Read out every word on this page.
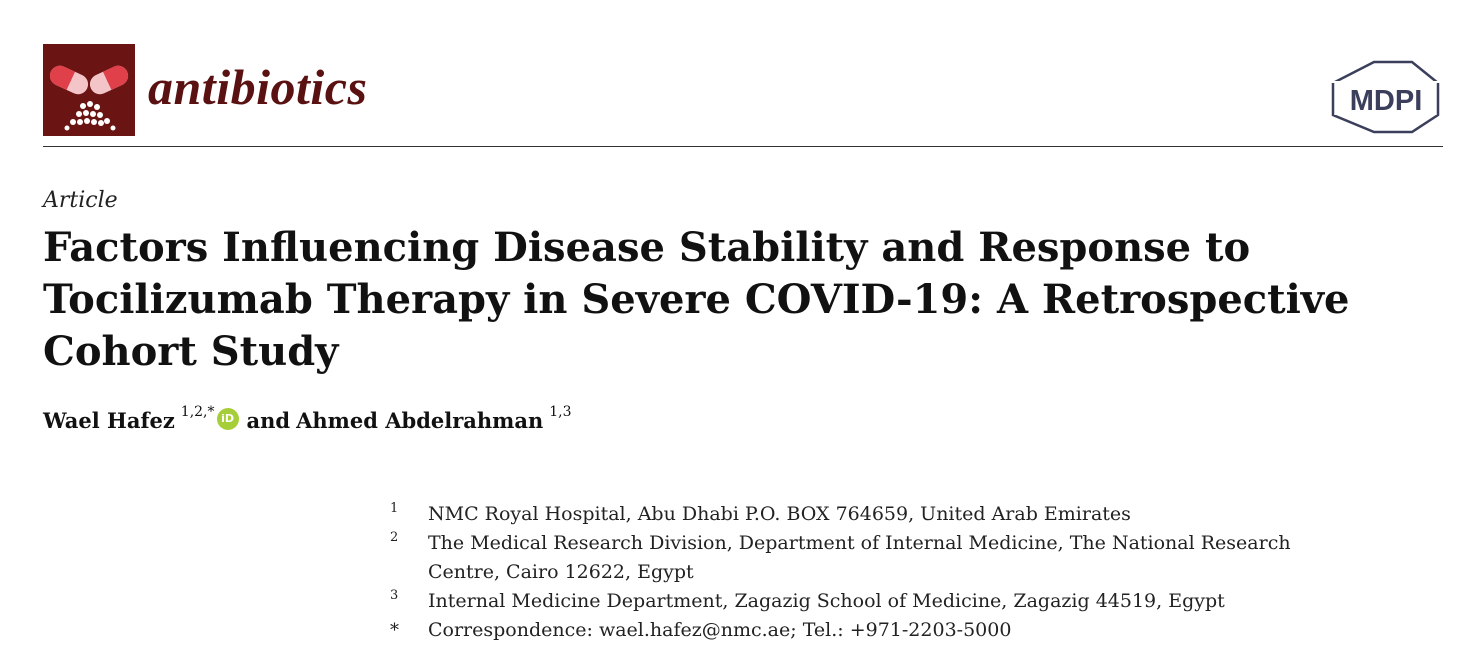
antibiotics	MDPI
Article
Factors Influencing Disease Stability and Response to Tocilizumab Therapy in Severe COVID-19: A Retrospective Cohort Study
Wael Hafez $^{1,2,*}$ iD and Ahmed Abdelrahman $^{1,3}$
1	NMC Royal Hospital, Abu Dhabi P.O. BOX 764659, United Arab Emirates
2	The Medical Research Division, Department of Internal Medicine, The National Research Centre, Cairo 12622, Egypt
3	Internal Medicine Department, Zagazig School of Medicine, Zagazig 44519, Egypt
*	Correspondence: wael.hafez@nmc.ae; Tel.: +971-2203-5000
